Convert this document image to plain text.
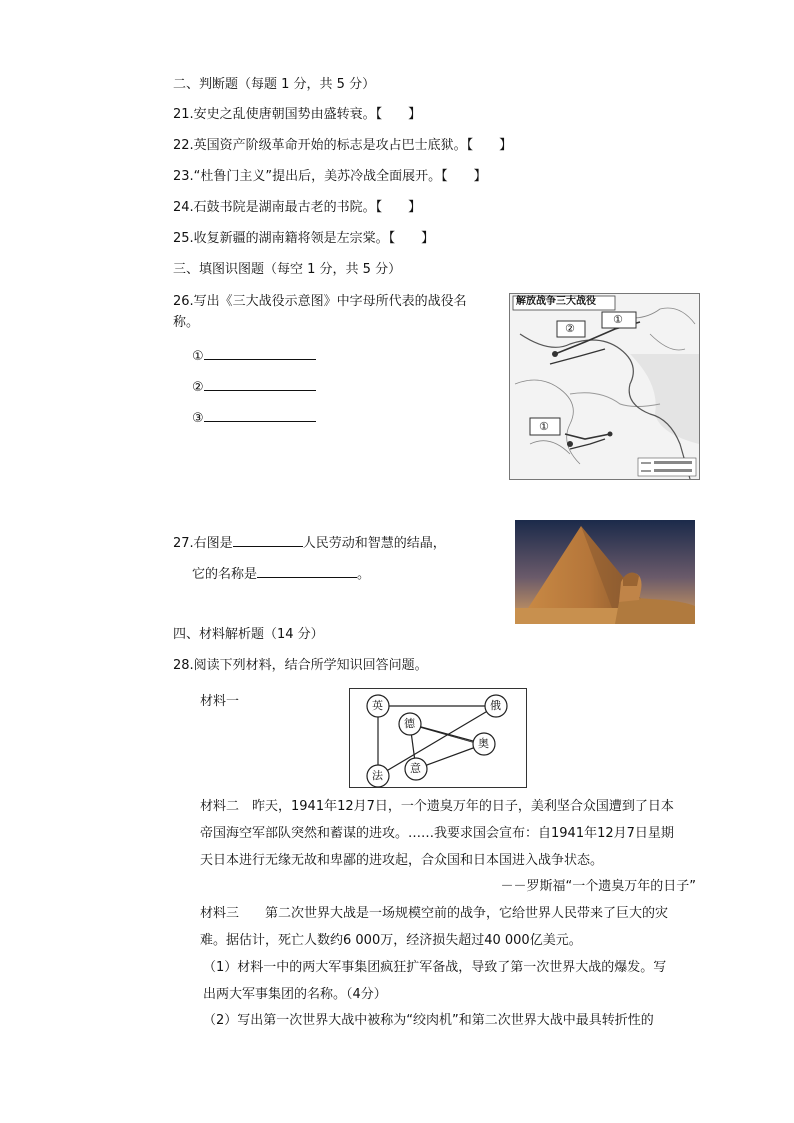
二、判断题（每题 1 分，共 5 分）
21.安史之乱使唐朝国势由盛转衰。【　　】
22.英国资产阶级革命开始的标志是攻占巴士底狱。【　　】
23.“杜鲁门主义”提出后，美苏冷战全面展开。【　　】
24.石鼓书院是湖南最古老的书院。【　　】
25.收复新疆的湖南籍将领是左宗棠。【　　】
三、填图识图题（每空 1 分，共 5 分）
26.写出《三大战役示意图》中字母所代表的战役名
称。
①
②
③
解放战争三大战役
①
②
①
27.右图是	人民劳动和智慧的结晶，
它的名称是	。
四、材料解析题（14 分）
28.阅读下列材料，结合所学知识回答问题。
材料一	英	俄
德
法
奥
意
材料二　昨天，1941年12月7日，一个遗臭万年的日子，美利坚合众国遭到了日本
帝国海空军部队突然和蓄谋的进攻。……我要求国会宣布：自1941年12月7日星期
天日本进行无缘无故和卑鄙的进攻起，合众国和日本国进入战争状态。
－－罗斯福“一个遗臭万年的日子”
材料三　　第二次世界大战是一场规模空前的战争，它给世界人民带来了巨大的灾
难。据估计，死亡人数约6 000万，经济损失超过40 000亿美元。
（1）材料一中的两大军事集团疯狂扩军备战，导致了第一次世界大战的爆发。写
出两大军事集团的名称。（4分）
（2）写出第一次世界大战中被称为“绞肉机”和第二次世界大战中最具转折性的
